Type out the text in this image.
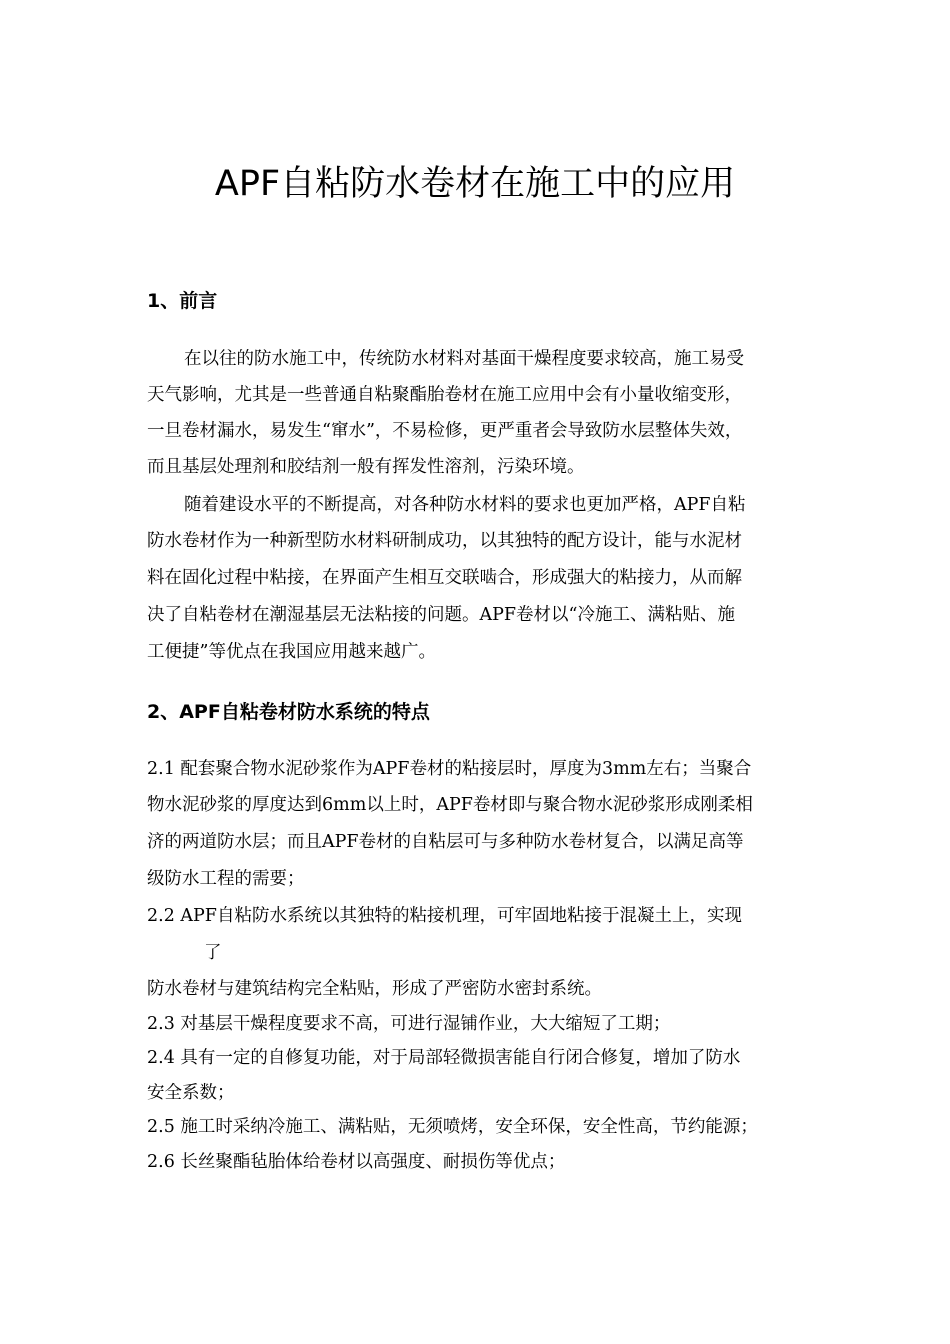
APF自粘防水卷材在施工中的应用
1、前言
在以往的防水施工中，传统防水材料对基面干燥程度要求较高，施工易受
天气影响，尤其是一些普通自粘聚酯胎卷材在施工应用中会有小量收缩变形，
一旦卷材漏水，易发生“窜水”，不易检修，更严重者会导致防水层整体失效，
而且基层处理剂和胶结剂一般有挥发性溶剂，污染环境。
随着建设水平的不断提高，对各种防水材料的要求也更加严格，APF自粘
防水卷材作为一种新型防水材料研制成功，以其独特的配方设计，能与水泥材
料在固化过程中粘接，在界面产生相互交联啮合，形成强大的粘接力，从而解
决了自粘卷材在潮湿基层无法粘接的问题。APF卷材以“冷施工、满粘贴、施
工便捷”等优点在我国应用越来越广。
2、APF自粘卷材防水系统的特点
2.1 配套聚合物水泥砂浆作为APF卷材的粘接层时，厚度为3mm左右；当聚合
物水泥砂浆的厚度达到6mm以上时，APF卷材即与聚合物水泥砂浆形成刚柔相
济的两道防水层；而且APF卷材的自粘层可与多种防水卷材复合，以满足高等
级防水工程的需要；
2.2 APF自粘防水系统以其独特的粘接机理，可牢固地粘接于混凝土上，实现
了
防水卷材与建筑结构完全粘贴，形成了严密防水密封系统。
2.3 对基层干燥程度要求不高，可进行湿铺作业，大大缩短了工期；
2.4 具有一定的自修复功能，对于局部轻微损害能自行闭合修复，增加了防水
安全系数；
2.5 施工时采纳冷施工、满粘贴，无须喷烤，安全环保，安全性高，节约能源；
2.6 长丝聚酯毡胎体给卷材以高强度、耐损伤等优点；
